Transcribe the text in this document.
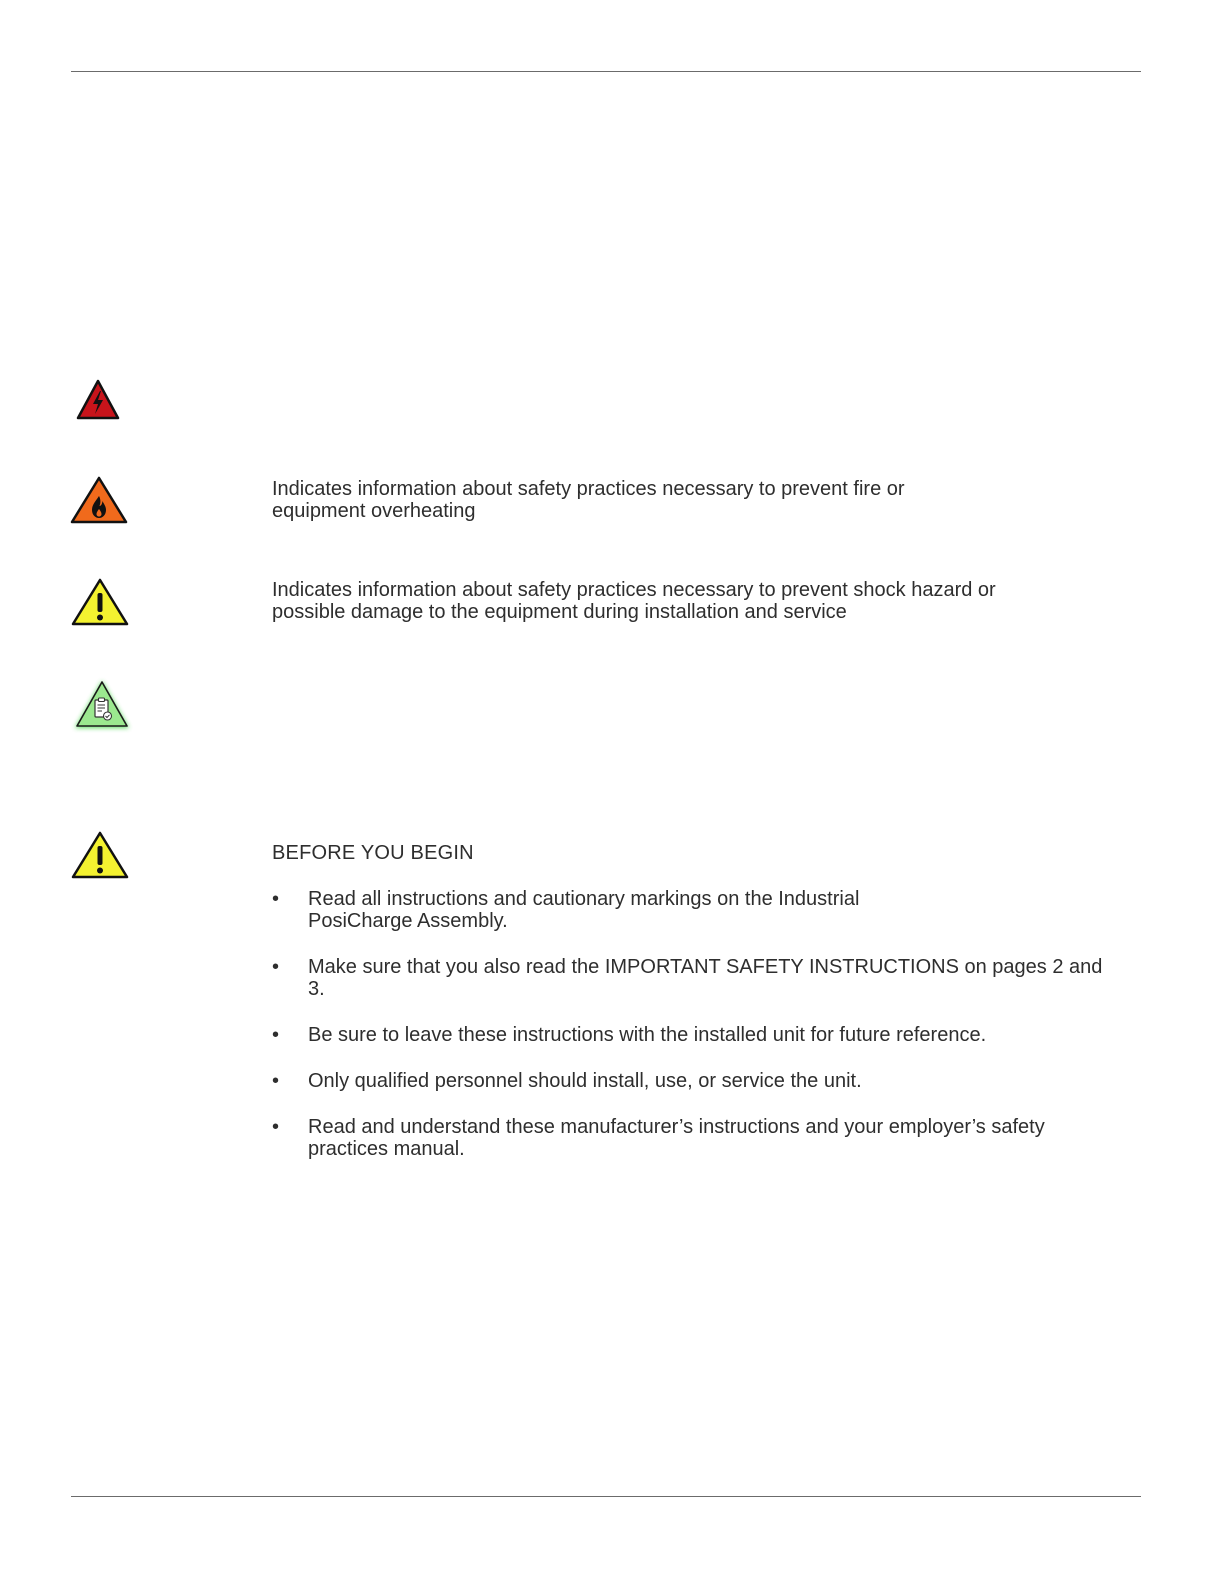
Indicates information about safety practices necessary to prevent fire or equipment overheating

Indicates information about safety practices necessary to prevent shock hazard or possible damage to the equipment during installation and service

BEFORE YOU BEGIN

• Read all instructions and cautionary markings on the Industrial PosiCharge Assembly.
• Make sure that you also read the IMPORTANT SAFETY INSTRUCTIONS on pages 2 and 3.
• Be sure to leave these instructions with the installed unit for future reference.
• Only qualified personnel should install, use, or service the unit.
• Read and understand these manufacturer’s instructions and your employer’s safety practices manual.
